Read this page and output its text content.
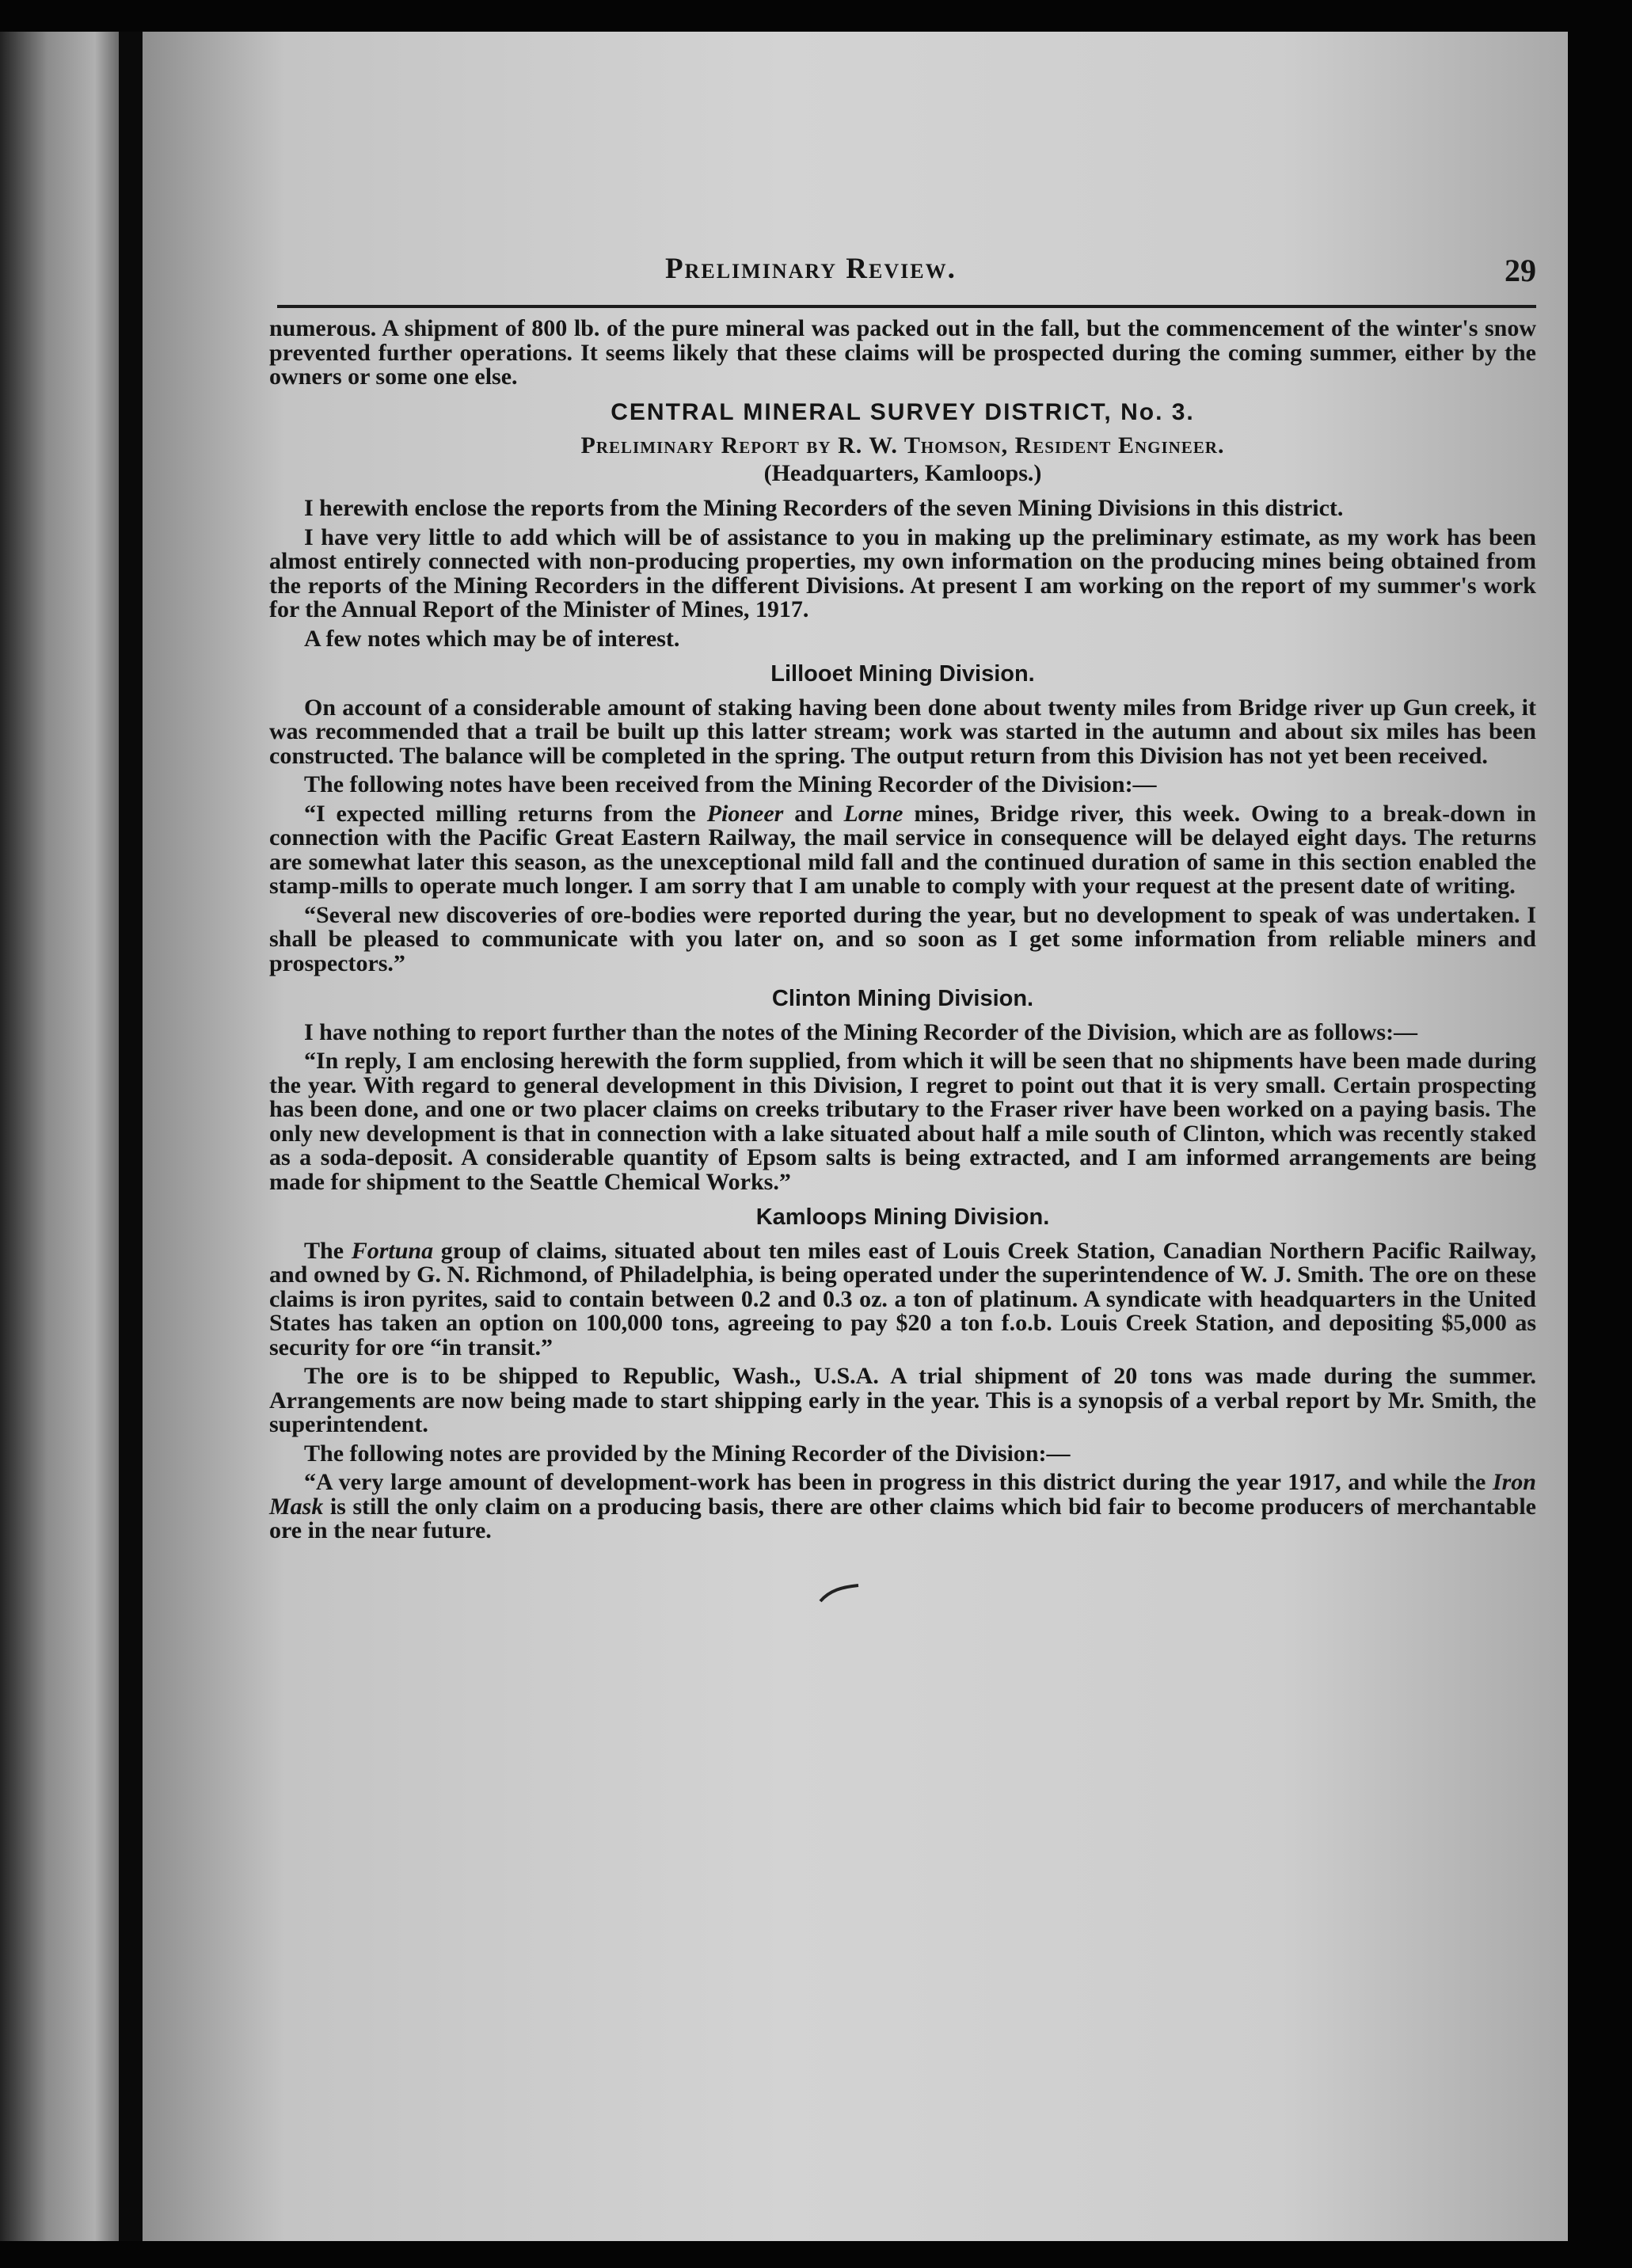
Preliminary Review.	29

numerous. A shipment of 800 lb. of the pure mineral was packed out in the fall, but the commencement of the winter's snow prevented further operations. It seems likely that these claims will be prospected during the coming summer, either by the owners or some one else.

CENTRAL MINERAL SURVEY DISTRICT, No. 3.
Preliminary Report by R. W. Thomson, Resident Engineer.
(Headquarters, Kamloops.)

I herewith enclose the reports from the Mining Recorders of the seven Mining Divisions in this district.

I have very little to add which will be of assistance to you in making up the preliminary estimate, as my work has been almost entirely connected with non-producing properties, my own information on the producing mines being obtained from the reports of the Mining Recorders in the different Divisions. At present I am working on the report of my summer's work for the Annual Report of the Minister of Mines, 1917.

A few notes which may be of interest.

Lillooet Mining Division.

On account of a considerable amount of staking having been done about twenty miles from Bridge river up Gun creek, it was recommended that a trail be built up this latter stream; work was started in the autumn and about six miles has been constructed. The balance will be completed in the spring. The output return from this Division has not yet been received.

The following notes have been received from the Mining Recorder of the Division:—

“I expected milling returns from the Pioneer and Lorne mines, Bridge river, this week. Owing to a break-down in connection with the Pacific Great Eastern Railway, the mail service in consequence will be delayed eight days. The returns are somewhat later this season, as the unexceptional mild fall and the continued duration of same in this section enabled the stamp-mills to operate much longer. I am sorry that I am unable to comply with your request at the present date of writing.

“Several new discoveries of ore-bodies were reported during the year, but no development to speak of was undertaken. I shall be pleased to communicate with you later on, and so soon as I get some information from reliable miners and prospectors.”

Clinton Mining Division.

I have nothing to report further than the notes of the Mining Recorder of the Division, which are as follows:—

“In reply, I am enclosing herewith the form supplied, from which it will be seen that no shipments have been made during the year. With regard to general development in this Division, I regret to point out that it is very small. Certain prospecting has been done, and one or two placer claims on creeks tributary to the Fraser river have been worked on a paying basis. The only new development is that in connection with a lake situated about half a mile south of Clinton, which was recently staked as a soda-deposit. A considerable quantity of Epsom salts is being extracted, and I am informed arrangements are being made for shipment to the Seattle Chemical Works.”

Kamloops Mining Division.

The Fortuna group of claims, situated about ten miles east of Louis Creek Station, Canadian Northern Pacific Railway, and owned by G. N. Richmond, of Philadelphia, is being operated under the superintendence of W. J. Smith. The ore on these claims is iron pyrites, said to contain between 0.2 and 0.3 oz. a ton of platinum. A syndicate with headquarters in the United States has taken an option on 100,000 tons, agreeing to pay $20 a ton f.o.b. Louis Creek Station, and depositing $5,000 as security for ore “in transit.”

The ore is to be shipped to Republic, Wash., U.S.A. A trial shipment of 20 tons was made during the summer. Arrangements are now being made to start shipping early in the year. This is a synopsis of a verbal report by Mr. Smith, the superintendent.

The following notes are provided by the Mining Recorder of the Division:—

“A very large amount of development-work has been in progress in this district during the year 1917, and while the Iron Mask is still the only claim on a producing basis, there are other claims which bid fair to become producers of merchantable ore in the near future.
